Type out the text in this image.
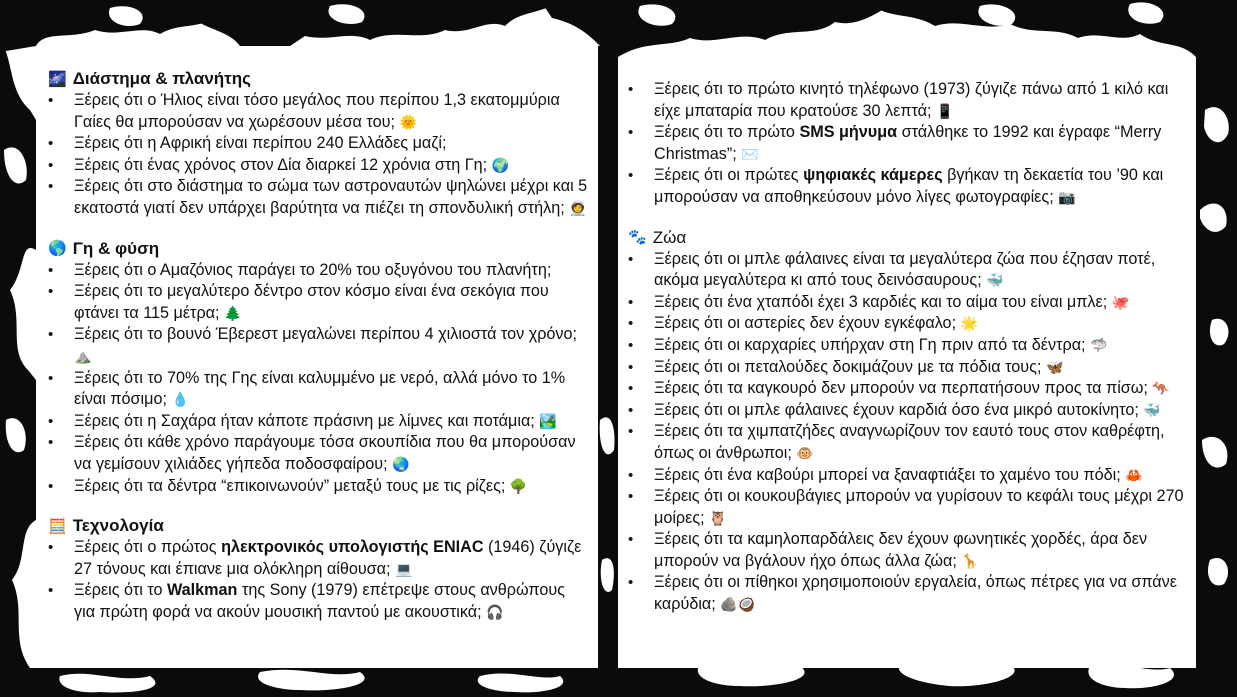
🌌 Διάστημα & πλανήτης
• Ξέρεις ότι ο Ήλιος είναι τόσο μεγάλος που περίπου 1,3 εκατομμύρια Γαίες θα μπορούσαν να χωρέσουν μέσα του; 🌞
• Ξέρεις ότι η Αφρική είναι περίπου 240 Ελλάδες μαζί;
• Ξέρεις ότι ένας χρόνος στον Δία διαρκεί 12 χρόνια στη Γη; 🌍
• Ξέρεις ότι στο διάστημα το σώμα των αστροναυτών ψηλώνει μέχρι και 5 εκατοστά γιατί δεν υπάρχει βαρύτητα να πιέζει τη σπονδυλική στήλη; 🧑‍🚀
🌎 Γη & φύση
• Ξέρεις ότι ο Αμαζόνιος παράγει το 20% του οξυγόνου του πλανήτη;
• Ξέρεις ότι το μεγαλύτερο δέντρο στον κόσμο είναι ένα σεκόγια που φτάνει τα 115 μέτρα; 🌲
• Ξέρεις ότι το βουνό Έβερεστ μεγαλώνει περίπου 4 χιλιοστά τον χρόνο; ⛰️
• Ξέρεις ότι το 70% της Γης είναι καλυμμένο με νερό, αλλά μόνο το 1% είναι πόσιμο; 💧
• Ξέρεις ότι η Σαχάρα ήταν κάποτε πράσινη με λίμνες και ποτάμια; 🏞️
• Ξέρεις ότι κάθε χρόνο παράγουμε τόσα σκουπίδια που θα μπορούσαν να γεμίσουν χιλιάδες γήπεδα ποδοσφαίρου; 🌏
• Ξέρεις ότι τα δέντρα “επικοινωνούν” μεταξύ τους με τις ρίζες; 🌳
🧮 Τεχνολογία
• Ξέρεις ότι ο πρώτος ηλεκτρονικός υπολογιστής ENIAC (1946) ζύγιζε 27 τόνους και έπιανε μια ολόκληρη αίθουσα; 💻
• Ξέρεις ότι το Walkman της Sony (1979) επέτρεψε στους ανθρώπους για πρώτη φορά να ακούν μουσική παντού με ακουστικά; 🎧
• Ξέρεις ότι το πρώτο κινητό τηλέφωνο (1973) ζύγιζε πάνω από 1 κιλό και είχε μπαταρία που κρατούσε 30 λεπτά; 📱
• Ξέρεις ότι το πρώτο SMS μήνυμα στάλθηκε το 1992 και έγραφε “Merry Christmas”; ✉️
• Ξέρεις ότι οι πρώτες ψηφιακές κάμερες βγήκαν τη δεκαετία του ’90 και μπορούσαν να αποθηκεύσουν μόνο λίγες φωτογραφίες; 📷
🐾 Ζώα
• Ξέρεις ότι οι μπλε φάλαινες είναι τα μεγαλύτερα ζώα που έζησαν ποτέ, ακόμα μεγαλύτερα κι από τους δεινόσαυρους; 🐳
• Ξέρεις ότι ένα χταπόδι έχει 3 καρδιές και το αίμα του είναι μπλε; 🐙
• Ξέρεις ότι οι αστερίες δεν έχουν εγκέφαλο; 🌟
• Ξέρεις ότι οι καρχαρίες υπήρχαν στη Γη πριν από τα δέντρα; 🦈
• Ξέρεις ότι οι πεταλούδες δοκιμάζουν με τα πόδια τους; 🦋
• Ξέρεις ότι τα καγκουρό δεν μπορούν να περπατήσουν προς τα πίσω; 🦘
• Ξέρεις ότι οι μπλε φάλαινες έχουν καρδιά όσο ένα μικρό αυτοκίνητο; 🐳
• Ξέρεις ότι τα χιμπατζήδες αναγνωρίζουν τον εαυτό τους στον καθρέφτη, όπως οι άνθρωποι; 🐵
• Ξέρεις ότι ένα καβούρι μπορεί να ξαναφτιάξει το χαμένο του πόδι; 🦀
• Ξέρεις ότι οι κουκουβάγιες μπορούν να γυρίσουν το κεφάλι τους μέχρι 270 μοίρες; 🦉
• Ξέρεις ότι τα καμηλοπαρδάλεις δεν έχουν φωνητικές χορδές, άρα δεν μπορούν να βγάλουν ήχο όπως άλλα ζώα; 🦒
• Ξέρεις ότι οι πίθηκοι χρησιμοποιούν εργαλεία, όπως πέτρες για να σπάνε καρύδια; 🪨🥥
